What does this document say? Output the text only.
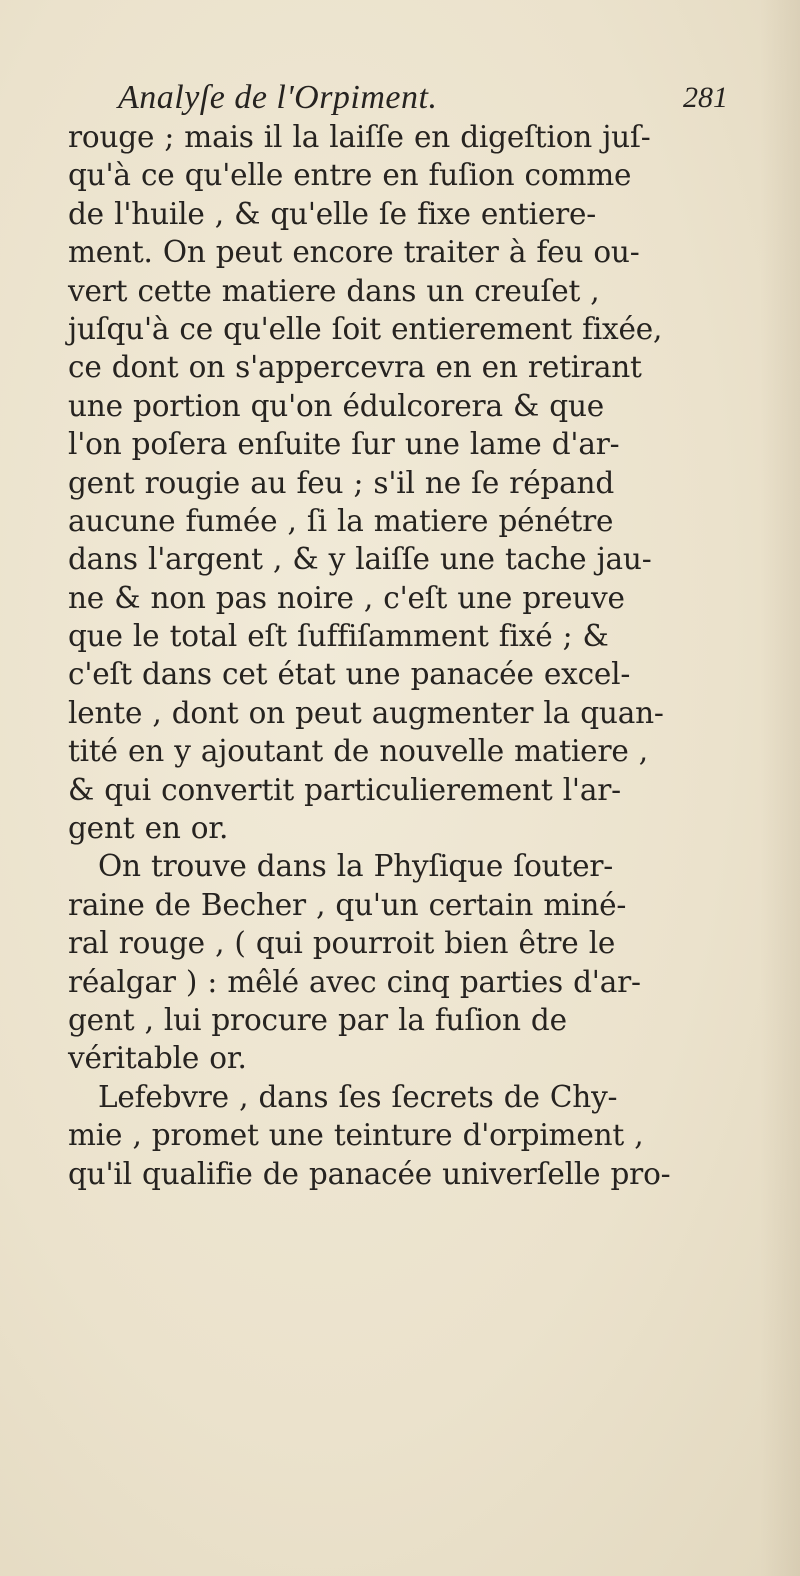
Analyſe de l'Orpiment.	281
rouge ; mais il la laiſſe en digeſtion juſ-
qu'à ce qu'elle entre en fuſion comme
de l'huile , & qu'elle ſe fixe entiere-
ment. On peut encore traiter à feu ou-
vert cette matiere dans un creuſet ,
juſqu'à ce qu'elle ſoit entierement fixée,
ce dont on s'appercevra en en retirant
une portion qu'on édulcorera & que
l'on poſera enſuite ſur une lame d'ar-
gent rougie au feu ; s'il ne ſe répand
aucune fumée , ſi la matiere pénétre
dans l'argent , & y laiſſe une tache jau-
ne & non pas noire , c'eſt une preuve
que le total eſt ſuffiſamment fixé ; &
c'eſt dans cet état une panacée excel-
lente , dont on peut augmenter la quan-
tité en y ajoutant de nouvelle matiere ,
& qui convertit particulierement l'ar-
gent en or.
On trouve dans la Phyſique ſouter-
raine de Becher , qu'un certain miné-
ral rouge , ( qui pourroit bien être le
réalgar ) : mêlé avec cinq parties d'ar-
gent , lui procure par la fuſion de
véritable or.
Lefebvre , dans ſes ſecrets de Chy-
mie , promet une teinture d'orpiment ,
qu'il qualifie de panacée univerſelle pro-
